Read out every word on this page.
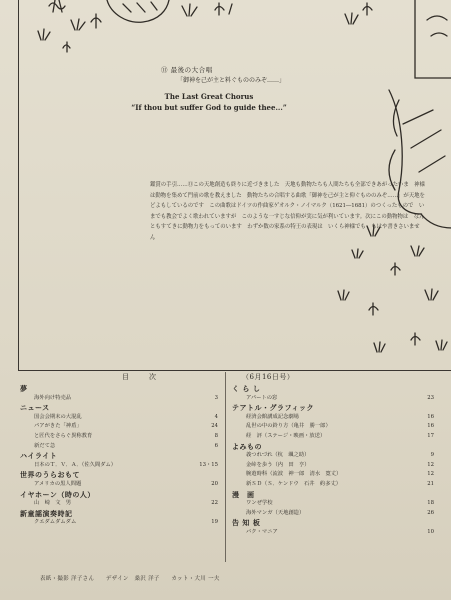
⑪ 最後の大合唱
「御神を己が主と料ぐもののみぞ……」
The Last Great Chorus
“If thou but suffer God to guide thee...”
鑑賞の手引……⑪この天地創造も終りに近づきました　天地も動物たちも人間たちも全部できあがったいま　神様は動物を集めて門前の歌を教えました　動物たちの合唱する曲歌「御神を己が主と仰ぐもののみぞ……」が天地をどよもしているのです　この曲歌はドイツの作曲家ゲオルク・ノイマルク（1621―1681）のつくったもので　いまでも教会でよく歌われていますが　このような一すじな信仰が実に気が利いています。次にこの動物物は　なんともすてきに動物力をもってのいます　わずか数の家系の特王の表現は　いくら神様でも　もはや書きさいません
目　　次	（6月16日号）
夢
海外向け特売品	3
ニュース
国会会期末の大混乱	4
パアがきた「神盾」	24
と匠代をさらぐ異称教育	8
新だて急	6
ハイライト
日本のＴ．Ｖ．Ａ．（佐久間ダム）	13・15
世界のうらおもて
アメリカの黒人問題	20
イヤホーン（時の人）
山　崎　文　男	22
新童謡演奏時記
クエダムダムダム	19
く ら し
アパートの窓	23
テアトル・グラフィック
経済会館講成記念劇場	16
乱世の中の鈴り方（亀井　勝一郎）	16
経　評（ステージ・映画・放送）	17
よみもの
義つれづれ（杭　颯之助）	9
金峠を歩う（内　田　亨）	12
腕遊時科（流波　神一郎　清水　寛丈）	12
新ＳＤ（Ｓ．ケンドウ　石井　約多丈）	21
漫　画
ワンぜ学校	18
海外マンガ（天地創造）	26
告 知 板
バク・マニア	10
表紙・撮影 洋子さん　　デザイン　桑沢 洋子　　カット・大川 一夫
